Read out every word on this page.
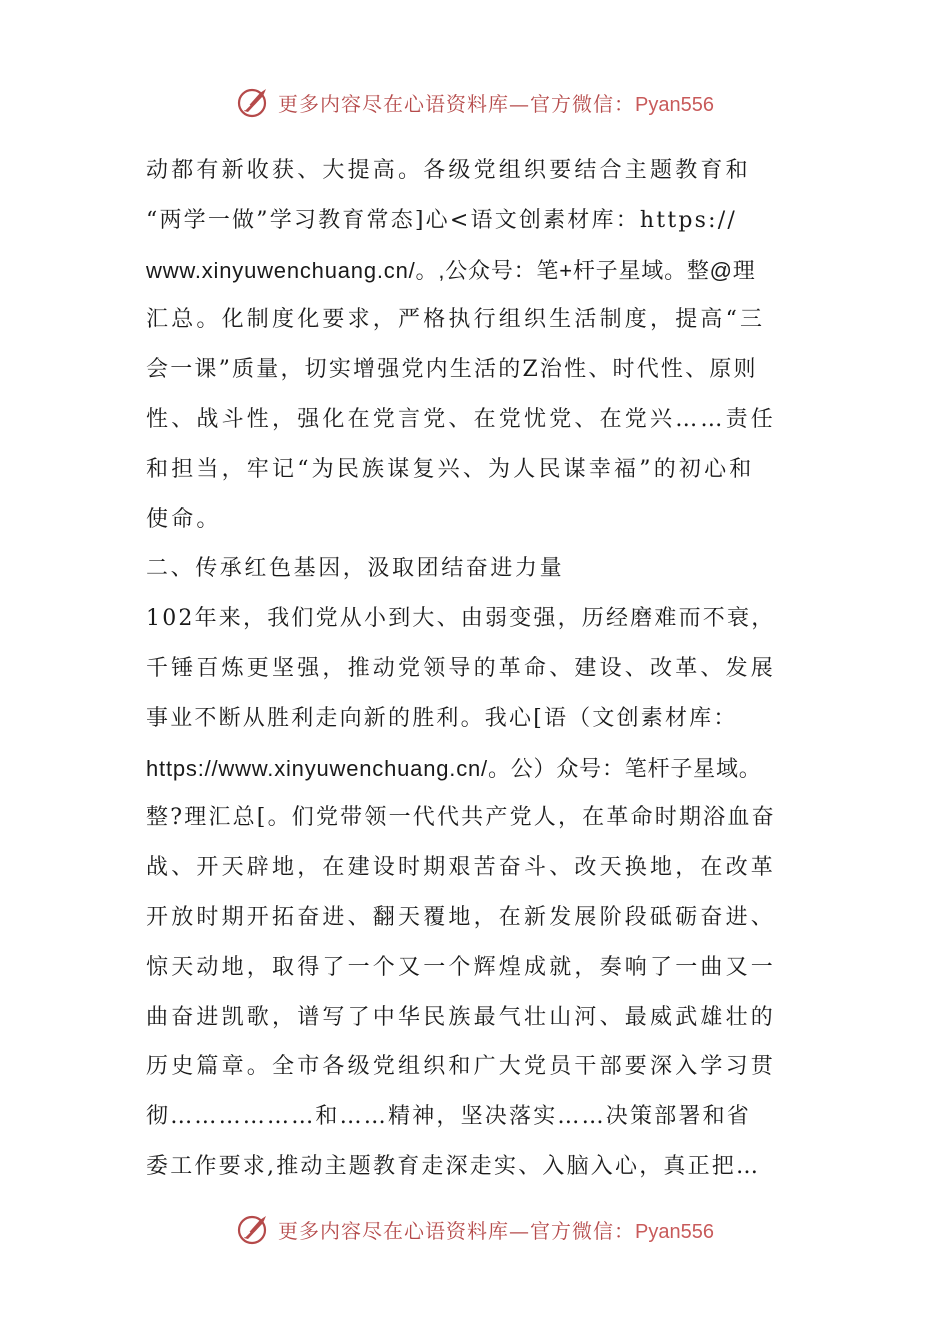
更多内容尽在心语资料库—官方微信：Pyan556
动都有新收获、大提高。各级党组织要结合主题教育和
“两学一做”学习教育常态]心<语文创素材库：https://
www.xinyuwenchuang.cn/。,公众号：笔+杆子星域。整@理
汇总。化制度化要求，严格执行组织生活制度，提高“三
会一课”质量，切实增强党内生活的Z治性、时代性、原则
性、战斗性，强化在党言党、在党忧党、在党兴……责任
和担当，牢记“为民族谋复兴、为人民谋幸福”的初心和
使命。
二、传承红色基因，汲取团结奋进力量
102年来，我们党从小到大、由弱变强，历经磨难而不衰，
千锤百炼更坚强，推动党领导的革命、建设、改革、发展
事业不断从胜利走向新的胜利。我心[语（文创素材库：
https://www.xinyuwenchuang.cn/。公）众号：笔杆子星域。
整?理汇总[。们党带领一代代共产党人，在革命时期浴血奋
战、开天辟地，在建设时期艰苦奋斗、改天换地，在改革
开放时期开拓奋进、翻天覆地，在新发展阶段砥砺奋进、
惊天动地，取得了一个又一个辉煌成就，奏响了一曲又一
曲奋进凯歌，谱写了中华民族最气壮山河、最威武雄壮的
历史篇章。全市各级党组织和广大党员干部要深入学习贯
彻………………和……精神，坚决落实……决策部署和省
委工作要求,推动主题教育走深走实、入脑入心，真正把…
更多内容尽在心语资料库—官方微信：Pyan556
